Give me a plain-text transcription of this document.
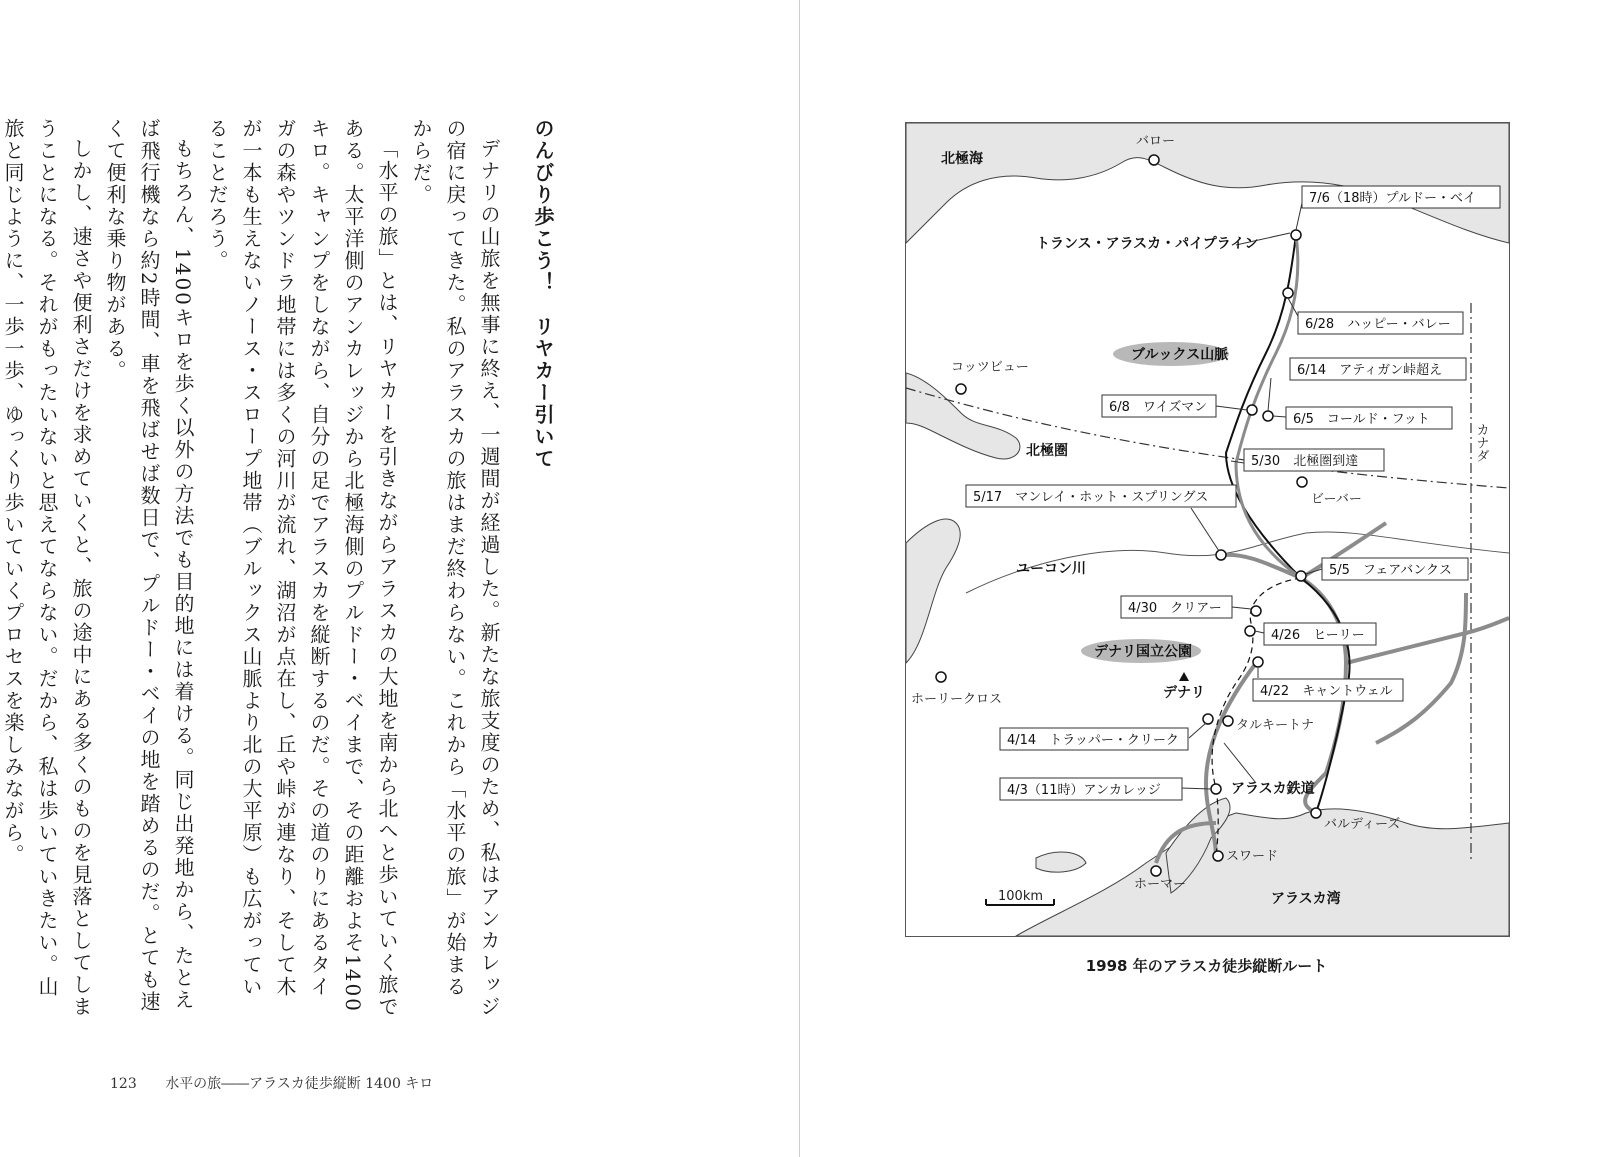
のんびり歩こう！　リヤカー引いて
デナリの山旅を無事に終え、一週間が経過した。新たな旅支度のため、私はアンカレッジの宿に戻ってきた。私のアラスカの旅はまだ終わらない。これから「水平の旅」が始まるからだ。
「水平の旅」とは、リヤカーを引きながらアラスカの大地を南から北へと歩いていく旅である。太平洋側のアンカレッジから北極海側のプルドー・ベイまで、その距離およそ1400キロ。キャンプをしながら、自分の足でアラスカを縦断するのだ。その道のりにあるタイガの森やツンドラ地帯には多くの河川が流れ、湖沼が点在し、丘や峠が連なり、そして木が一本も生えないノース・スロープ地帯（ブルックス山脈より北の大平原）も広がっていることだろう。
もちろん、1400キロを歩く以外の方法でも目的地には着ける。同じ出発地から、たとえば飛行機なら約2時間、車を飛ばせば数日で、プルドー・ベイの地を踏めるのだ。とても速くて便利な乗り物がある。
しかし、速さや便利さだけを求めていくと、旅の途中にある多くのものを見落としてしまうことになる。それがもったいないと思えてならない。だから、私は歩いていきたい。山旅と同じように、一歩一歩、ゆっくり歩いていくプロセスを楽しみながら。
123 水平の旅――アラスカ徒歩縦断 1400 キロ
北極海
北極圏
ユーコン川
アラスカ湾
ブルックス山脈
デナリ国立公園
デナリ
トランス・アラスカ・パイプライン
アラスカ鉄道
カナダ
バロー
コッツビュー
ビーバー
ホーリークロス
タルキートナ
バルディーズ
スワード
ホーマー
7/6（18時）プルドー・ベイ
6/28　ハッピー・バレー
6/14　アティガン峠超え
6/8　ワイズマン
6/5　コールド・フット
5/30　北極圏到達
5/17　マンレイ・ホット・スプリングス
5/5　フェアバンクス
4/30　クリアー
4/26　ヒーリー
4/22　キャントウェル
4/14　トラッパー・クリーク
4/3（11時）アンカレッジ
100km
1998 年のアラスカ徒歩縦断ルート
